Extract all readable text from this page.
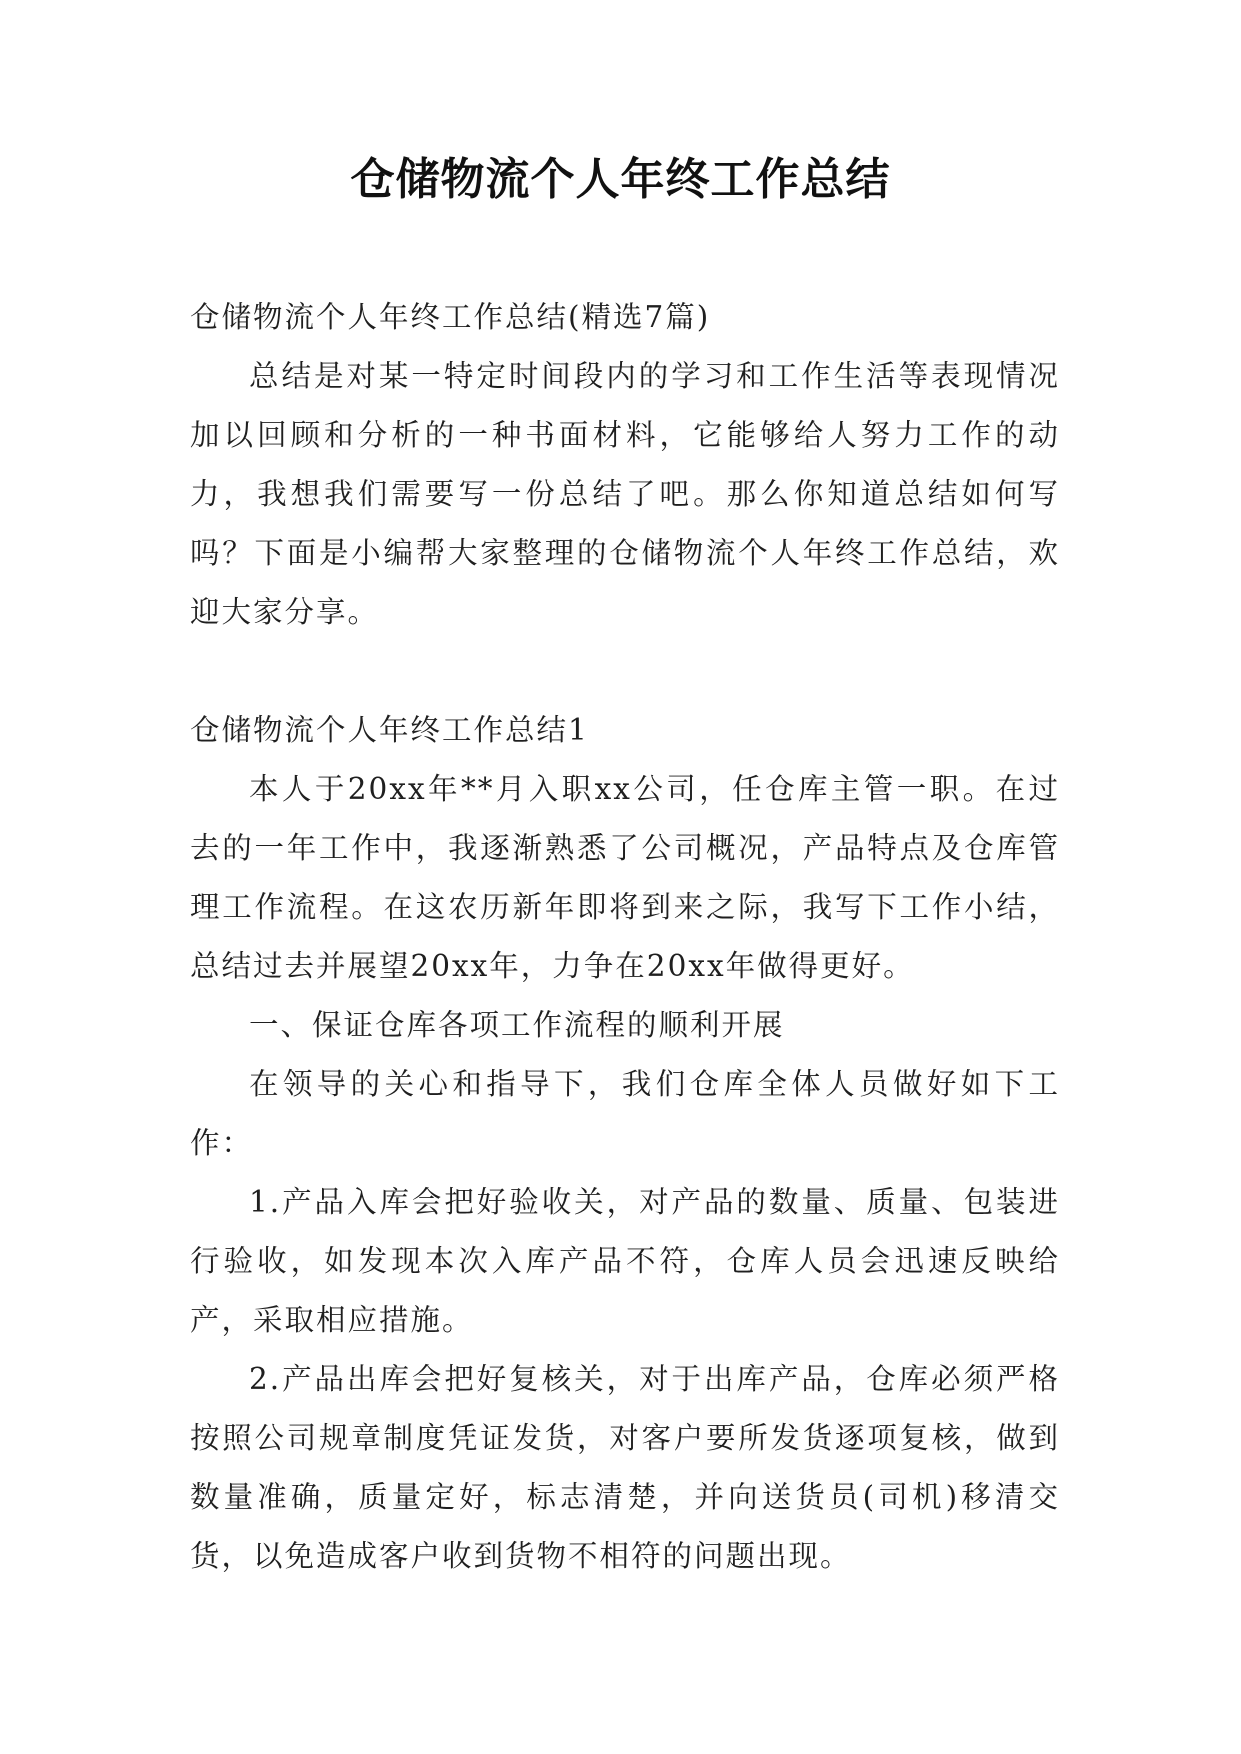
仓储物流个人年终工作总结

仓储物流个人年终工作总结(精选7篇)

总结是对某一特定时间段内的学习和工作生活等表现情况加以回顾和分析的一种书面材料，它能够给人努力工作的动力，我想我们需要写一份总结了吧。那么你知道总结如何写吗？下面是小编帮大家整理的仓储物流个人年终工作总结，欢迎大家分享。

仓储物流个人年终工作总结1

本人于20xx年**月入职xx公司，任仓库主管一职。在过去的一年工作中，我逐渐熟悉了公司概况，产品特点及仓库管理工作流程。在这农历新年即将到来之际，我写下工作小结，总结过去并展望20xx年，力争在20xx年做得更好。

一、保证仓库各项工作流程的顺利开展

在领导的关心和指导下，我们仓库全体人员做好如下工作：

1.产品入库会把好验收关，对产品的数量、质量、包装进行验收，如发现本次入库产品不符，仓库人员会迅速反映给产，采取相应措施。

2.产品出库会把好复核关，对于出库产品，仓库必须严格按照公司规章制度凭证发货，对客户要所发货逐项复核，做到数量准确，质量定好，标志清楚，并向送货员(司机)移清交货，以免造成客户收到货物不相符的问题出现。
